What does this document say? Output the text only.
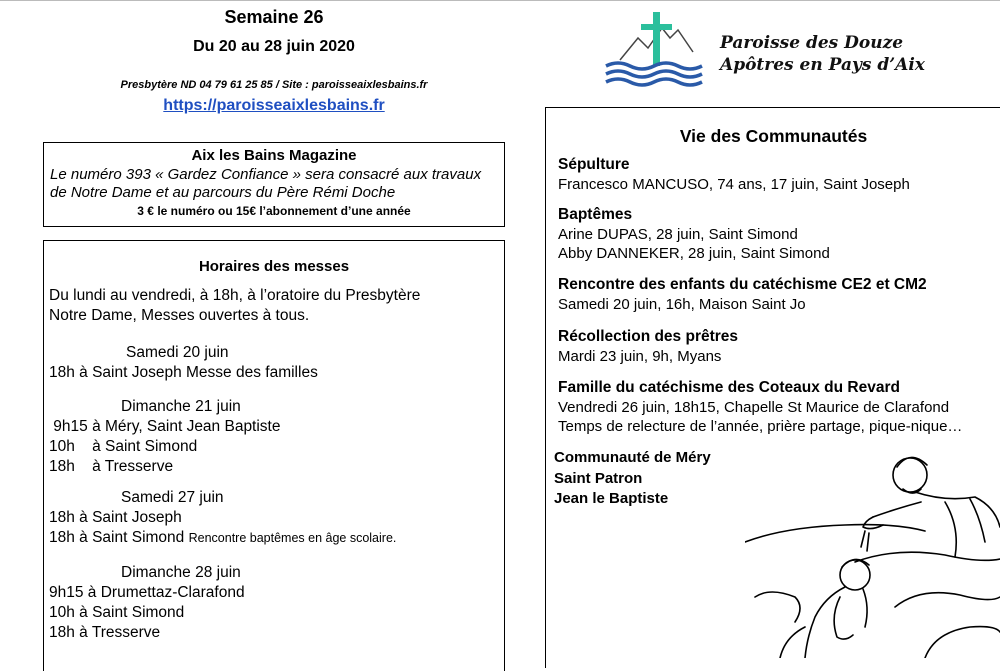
Semaine 26
Du 20 au 28 juin 2020
Presbytère ND 04 79 61 25 85 / Site : paroisseaixlesbains.fr
https://paroisseaixlesbains.fr
Aix les Bains Magazine
Le numéro 393 « Gardez Confiance » sera consacré aux travaux de Notre Dame et au parcours du Père Rémi Doche
3 € le numéro ou 15€ l’abonnement d’une année
Horaires des messes
Du lundi au vendredi, à 18h, à l’oratoire du Presbytère
Notre Dame, Messes ouvertes à tous.
Samedi 20 juin
18h à Saint Joseph Messe des familles
Dimanche 21 juin
9h15 à Méry, Saint Jean Baptiste
10h    à Saint Simond
18h    à Tresserve
Samedi 27 juin
18h à Saint Joseph
18h à Saint Simond Rencontre baptêmes en âge scolaire.
Dimanche 28 juin
9h15 à Drumettaz-Clarafond
10h à Saint Simond
18h à Tresserve
Paroisse des Douze
Apôtres en Pays d’Aix
Vie des Communautés
Sépulture
Francesco MANCUSO, 74 ans, 17 juin, Saint Joseph
Baptêmes
Arine DUPAS, 28 juin, Saint Simond
Abby DANNEKER, 28 juin, Saint Simond
Rencontre des enfants du catéchisme CE2 et CM2
Samedi 20 juin, 16h, Maison Saint Jo
Récollection des prêtres
Mardi 23 juin, 9h, Myans
Famille du catéchisme des Coteaux du Revard
Vendredi 26 juin, 18h15, Chapelle St Maurice de Clarafond
Temps de relecture de l’année, prière partage, pique-nique…
Communauté de Méry
Saint Patron
Jean le Baptiste
